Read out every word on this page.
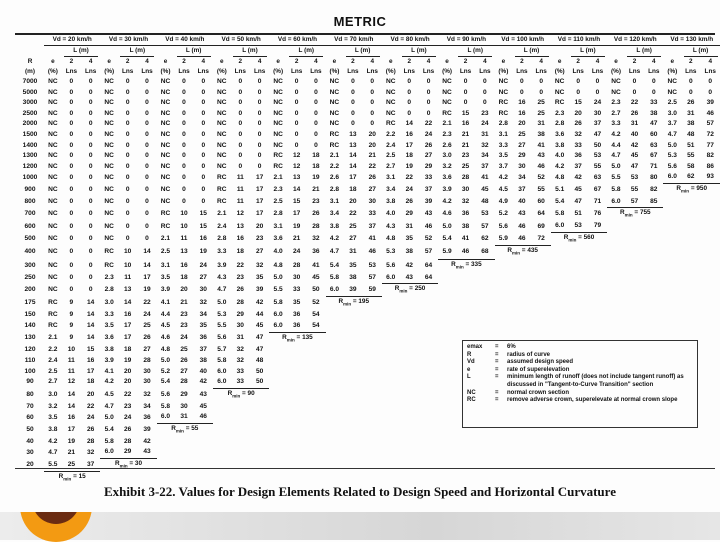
METRIC
	Vd = 20 km/h			Vd = 30 km/h			Vd = 40 km/h			Vd = 50 km/h			Vd = 60 km/h			Vd = 70 km/h			Vd = 80 km/h			Vd = 90 km/h			Vd = 100 km/h			Vd = 110 km/h			Vd = 120 km/h			Vd = 130 km/h		
		L (m)			L (m)			L (m)			L (m)			L (m)			L (m)			L (m)			L (m)			L (m)			L (m)			L (m)			L (m)	
R	e	2	4	e	2	4	e	2	4	e	2	4	e	2	4	e	2	4	e	2	4	e	2	4	e	2	4	e	2	4	e	2	4	e	2	4
(m)	(%)	Lns	Lns	(%)	Lns	Lns	(%)	Lns	Lns	(%)	Lns	Lns	(%)	Lns	Lns	(%)	Lns	Lns	(%)	Lns	Lns	(%)	Lns	Lns	(%)	Lns	Lns	(%)	Lns	Lns	(%)	Lns	Lns	(%)	Lns	Lns
7000	NC	0	0	NC	0	0	NC	0	0	NC	0	0	NC	0	0	NC	0	0	NC	0	0	NC	0	0	NC	0	0	NC	0	0	NC	0	0	NC	0	0
5000	NC	0	0	NC	0	0	NC	0	0	NC	0	0	NC	0	0	NC	0	0	NC	0	0	NC	0	0	NC	0	0	NC	0	0	NC	0	0	NC	0	0
3000	NC	0	0	NC	0	0	NC	0	0	NC	0	0	NC	0	0	NC	0	0	NC	0	0	NC	0	0	RC	16	25	RC	15	24	2.3	22	33	2.5	26	39
2500	NC	0	0	NC	0	0	NC	0	0	NC	0	0	NC	0	0	NC	0	0	NC	0	0	RC	15	23	RC	16	25	2.3	20	30	2.7	26	38	3.0	31	46
2000	NC	0	0	NC	0	0	NC	0	0	NC	0	0	NC	0	0	NC	0	0	RC	14	22	2.1	16	24	2.8	20	31	2.8	26	37	3.3	31	47	3.7	38	57
1500	NC	0	0	NC	0	0	NC	0	0	NC	0	0	NC	0	0	RC	13	20	2.2	16	24	2.3	21	31	3.1	25	38	3.6	32	47	4.2	40	60	4.7	48	72
1400	NC	0	0	NC	0	0	NC	0	0	NC	0	0	NC	0	0	RC	13	20	2.4	17	26	2.6	21	32	3.3	27	41	3.8	33	50	4.4	42	63	5.0	51	77
1300	NC	0	0	NC	0	0	NC	0	0	NC	0	0	RC	12	18	2.1	14	21	2.5	18	27	3.0	23	34	3.5	29	43	4.0	36	53	4.7	45	67	5.3	55	82
1200	NC	0	0	NC	0	0	NC	0	0	NC	0	0	RC	12	18	2.2	14	22	2.7	19	29	3.2	25	37	3.7	30	46	4.2	37	55	5.0	47	71	5.6	58	86
1000	NC	0	0	NC	0	0	NC	0	0	RC	11	17	2.1	13	19	2.6	17	26	3.1	22	33	3.6	28	41	4.2	34	52	4.8	42	63	5.5	53	80	6.0	62	93
900	NC	0	0	NC	0	0	NC	0	0	RC	11	17	2.3	14	21	2.8	18	27	3.4	24	37	3.9	30	45	4.5	37	55	5.1	45	67	5.8	55	82	$R_{min} = 950$		
800	NC	0	0	NC	0	0	NC	0	0	RC	11	17	2.5	15	23	3.1	20	30	3.8	26	39	4.2	32	48	4.9	40	60	5.4	47	71	6.0	57	85			
700	NC	0	0	NC	0	0	RC	10	15	2.1	12	17	2.8	17	26	3.4	22	33	4.0	29	43	4.6	36	53	5.2	43	64	5.8	51	76	$R_{min} = 755$					
600	NC	0	0	NC	0	0	RC	10	15	2.4	13	20	3.1	19	28	3.8	25	37	4.3	31	46	5.0	38	57	5.6	46	69	6.0	53	79						
500	NC	0	0	NC	0	0	2.1	11	16	2.8	16	23	3.6	21	32	4.2	27	41	4.8	35	52	5.4	41	62	5.9	46	72	$R_{min} = 560$								
400	NC	0	0	RC	10	14	2.5	13	19	3.3	18	27	4.0	24	36	4.7	31	46	5.3	38	57	5.9	46	68	$R_{min} = 435$											
300	NC	0	0	RC	10	14	3.1	16	24	3.9	22	32	4.8	28	41	5.4	35	53	5.6	42	64	$R_{min} = 335$														
250	NC	0	0	2.3	11	17	3.5	18	27	4.3	23	35	5.0	30	45	5.8	38	57	6.0	43	64															
200	NC	0	0	2.8	13	19	3.9	20	30	4.7	26	39	5.5	33	50	6.0	39	59	$R_{min} = 250$																	
175	RC	9	14	3.0	14	22	4.1	21	32	5.0	28	42	5.8	35	52	$R_{min} = 195$																				
150	RC	9	14	3.3	16	24	4.4	23	34	5.3	29	44	6.0	36	54																					
140	RC	9	14	3.5	17	25	4.5	23	35	5.5	30	45	6.0	36	54																					
130	2.1	9	14	3.6	17	26	4.6	24	36	5.6	31	47	$R_{min} = 135$																							
120	2.2	10	15	3.8	18	27	4.8	25	37	5.7	32	47																								
110	2.4	11	16	3.9	19	28	5.0	26	38	5.8	32	48																								
100	2.5	11	17	4.1	20	30	5.2	27	40	6.0	33	50																								
90	2.7	12	18	4.2	20	30	5.4	28	42	6.0	33	50																								
80	3.0	14	20	4.5	22	32	5.6	29	43	$R_{min} = 90$																										
70	3.2	14	22	4.7	23	34	5.8	30	45																											
60	3.5	16	24	5.0	24	36	6.0	31	46																											
50	3.8	17	26	5.4	26	39	$R_{min} = 55$																													
40	4.2	19	28	5.8	28	42																														
30	4.7	21	32	6.0	29	43																														
20	5.5	25	37	$R_{min} = 30$																																
	$R_{min} = 15$																																			
emax	=	6%
R	=	radius of curve
Vd	=	assumed design speed
e	=	rate of superelevation
L	=	minimum length of runoff (does not include tangent runoff) as discussed in "Tangent-to-Curve Transition" section
NC	=	normal crown section
RC	=	remove adverse crown, superelevate at normal crown slope
Exhibit 3-22. Values for Design Elements Related to Design Speed and Horizontal Curvature
